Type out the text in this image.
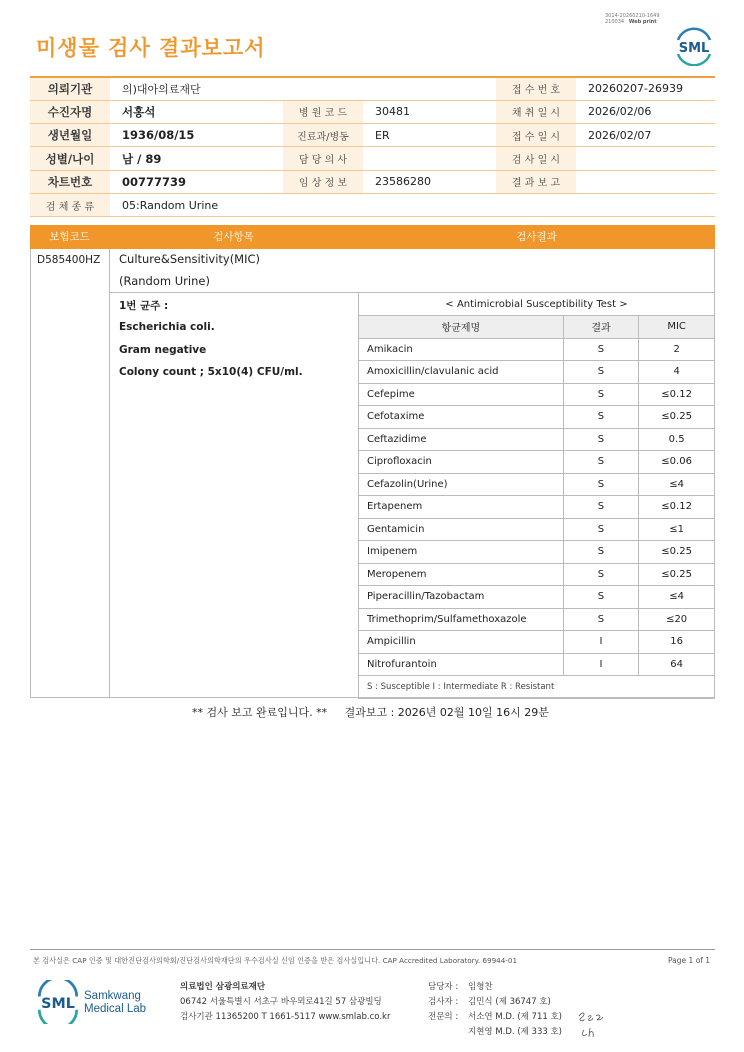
미생물 검사 결과보고서
3014-20260210-1649
210034 Web print
SML
의뢰기관	의)대아의료재단			접 수 번 호	20260207-26939
수진자명	서홍석	병 원 코 드	30481	채 취 일 시	2026/02/06
생년월일	1936/08/15	진료과/병동	ER	접 수 일 시	2026/02/07
성별/나이	남 / 89	담 당 의 사		검 사 일 시	
차트번호	00777739	임 상 정 보	23586280	결 과 보 고	
검 체 종 류	05:Random Urine				
보험코드	검사항목	검사결과
D585400HZ Culture&Sensitivity(MIC)
(Random Urine)
1번 균주 :
Escherichia coli.
Gram negative
Colony count ; 5x10(4) CFU/ml.
< Antimicrobial Susceptibility Test >		
항균제명	결과	MIC
Amikacin	S	2
Amoxicillin/clavulanic acid	S	4
Cefepime	S	≤0.12
Cefotaxime	S	≤0.25
Ceftazidime	S	0.5
Ciprofloxacin	S	≤0.06
Cefazolin(Urine)	S	≤4
Ertapenem	S	≤0.12
Gentamicin	S	≤1
Imipenem	S	≤0.25
Meropenem	S	≤0.25
Piperacillin/Tazobactam	S	≤4
Trimethoprim/Sulfamethoxazole	S	≤20
Ampicillin	I	16
Nitrofurantoin	I	64
S : Susceptible I : Intermediate R : Resistant		
** 검사 보고 완료입니다. ** 결과보고 : 2026년 02월 10일 16시 29분
본 검사실은 CAP 인증 및 대한진단검사의학회/진단검사의학재단의 우수검사실 신임 인증을 받은 검사실입니다. CAP Accredited Laboratory. 69944-01	Page 1 of 1
SML
Samkwang
Medical Lab
의료법인 삼광의료재단
06742 서울특별시 서초구 바우뫼로41길 57 삼광빌딩
검사기관 11365200 T 1661-5117 www.smlab.co.kr
담당자 : 임형찬
검사자 : 김민식 (제 36747 호)
전문의 : 서소연 M.D. (제 711 호)
지현영 M.D. (제 333 호)
